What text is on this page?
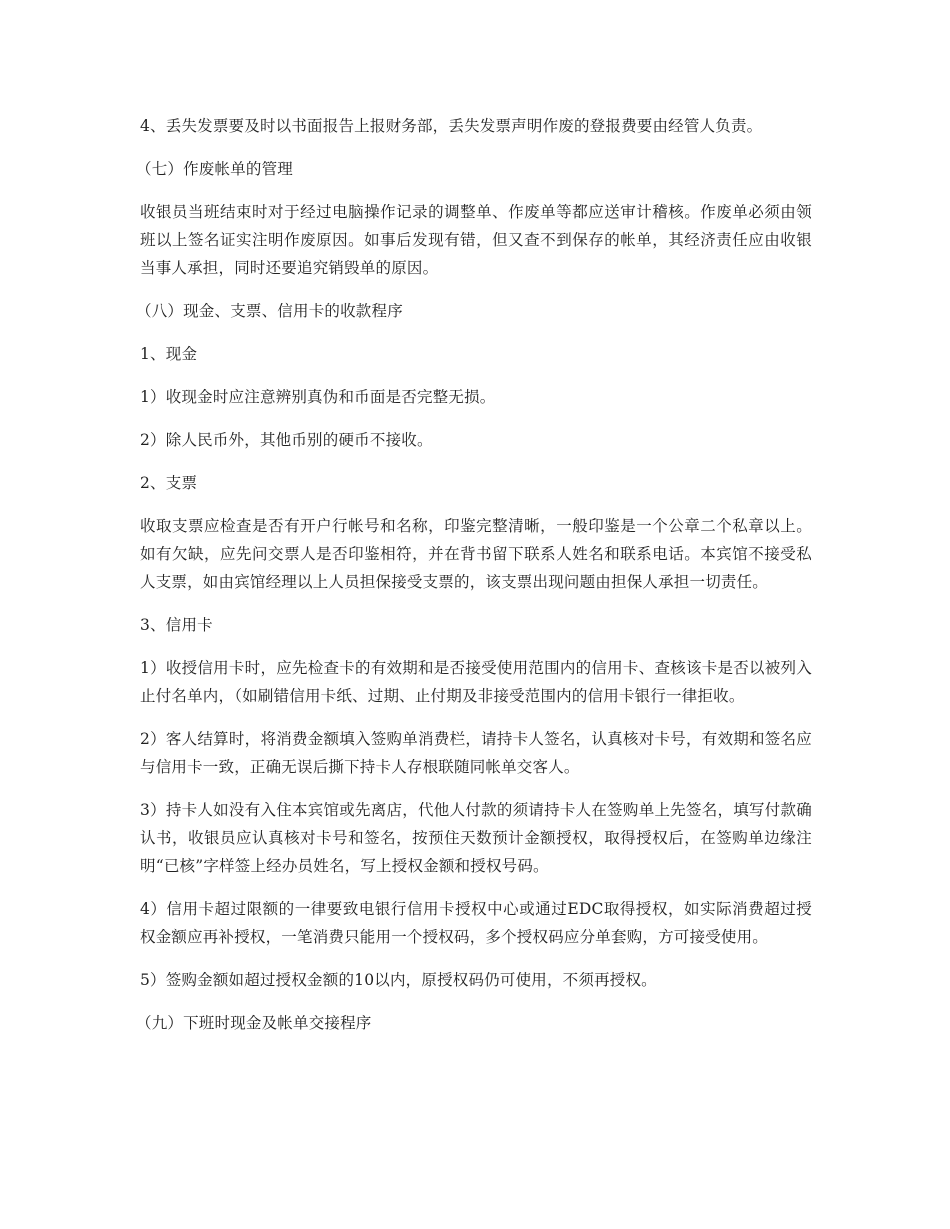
4、丢失发票要及时以书面报告上报财务部，丢失发票声明作废的登报费要由经管人负责。

（七）作废帐单的管理

收银员当班结束时对于经过电脑操作记录的调整单、作废单等都应送审计稽核。作废单必须由领班以上签名证实注明作废原因。如事后发现有错，但又查不到保存的帐单，其经济责任应由收银当事人承担，同时还要追究销毁单的原因。

（八）现金、支票、信用卡的收款程序

1、现金

1）收现金时应注意辨别真伪和币面是否完整无损。

2）除人民币外，其他币别的硬币不接收。

2、支票

收取支票应检查是否有开户行帐号和名称，印鉴完整清晰，一般印鉴是一个公章二个私章以上。如有欠缺，应先问交票人是否印鉴相符，并在背书留下联系人姓名和联系电话。本宾馆不接受私人支票，如由宾馆经理以上人员担保接受支票的，该支票出现问题由担保人承担一切责任。

3、信用卡

1）收授信用卡时，应先检查卡的有效期和是否接受使用范围内的信用卡、查核该卡是否以被列入止付名单内，（如刷错信用卡纸、过期、止付期及非接受范围内的信用卡银行一律拒收。

2）客人结算时，将消费金额填入签购单消费栏，请持卡人签名，认真核对卡号，有效期和签名应与信用卡一致，正确无误后撕下持卡人存根联随同帐单交客人。

3）持卡人如没有入住本宾馆或先离店，代他人付款的须请持卡人在签购单上先签名，填写付款确认书，收银员应认真核对卡号和签名，按预住天数预计金额授权，取得授权后，在签购单边缘注明“已核”字样签上经办员姓名，写上授权金额和授权号码。

4）信用卡超过限额的一律要致电银行信用卡授权中心或通过EDC取得授权，如实际消费超过授权金额应再补授权，一笔消费只能用一个授权码，多个授权码应分单套购，方可接受使用。

5）签购金额如超过授权金额的10以内，原授权码仍可使用，不须再授权。

（九）下班时现金及帐单交接程序
